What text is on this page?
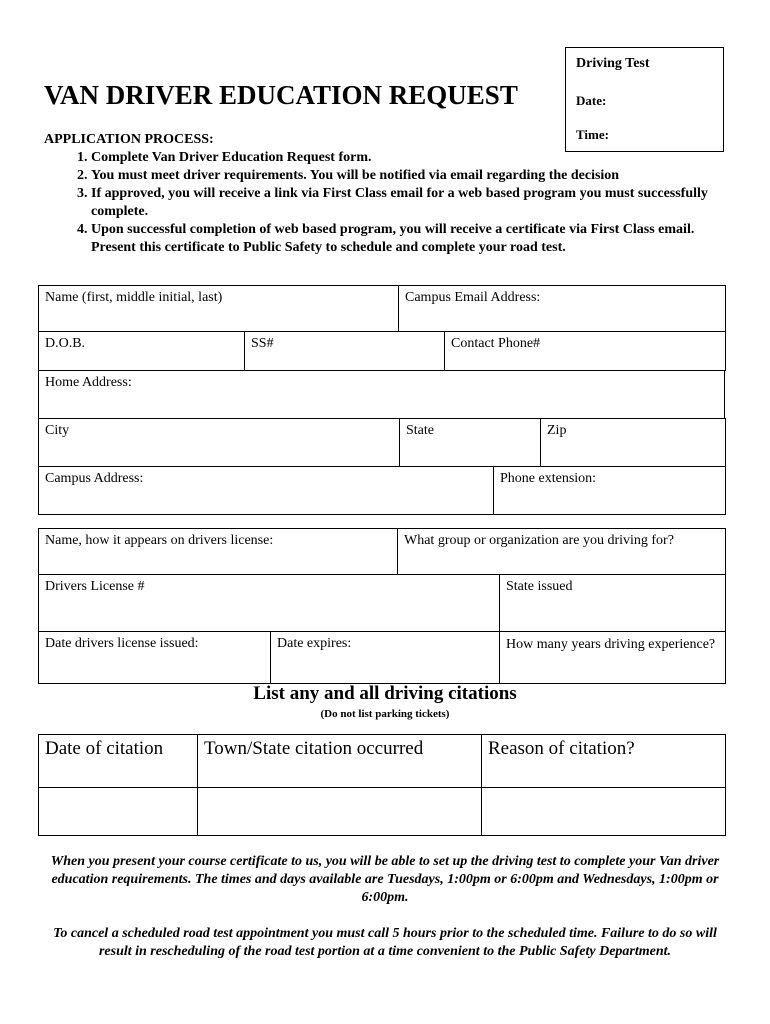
Driving Test
Date:
Time:
VAN DRIVER EDUCATION REQUEST

APPLICATION PROCESS:

1. Complete Van Driver Education Request form.
2. You must meet driver requirements. You will be notified via email regarding the decision
3. If approved, you will receive a link via First Class email for a web based program you must successfully complete.
4. Upon successful completion of web based program, you will receive a certificate via First Class email. Present this certificate to Public Safety to schedule and complete your road test.
Name (first, middle initial, last)	Campus Email Address:
D.O.B.	SS#	Contact Phone#
Home Address:
City	State	Zip
Campus Address:	Phone extension:
Name, how it appears on drivers license:	What group or organization are you driving for?
Drivers License #	State issued
Date drivers license issued:	Date expires:	How many years driving experience?
List any and all driving citations
(Do not list parking tickets)
Date of citation	Town/State citation occurred	Reason of citation?

When you present your course certificate to us, you will be able to set up the driving test to complete your Van driver education requirements. The times and days available are Tuesdays, 1:00pm or 6:00pm and Wednesdays, 1:00pm or 6:00pm.
To cancel a scheduled road test appointment you must call 5 hours prior to the scheduled time. Failure to do so will result in rescheduling of the road test portion at a time convenient to the Public Safety Department.
